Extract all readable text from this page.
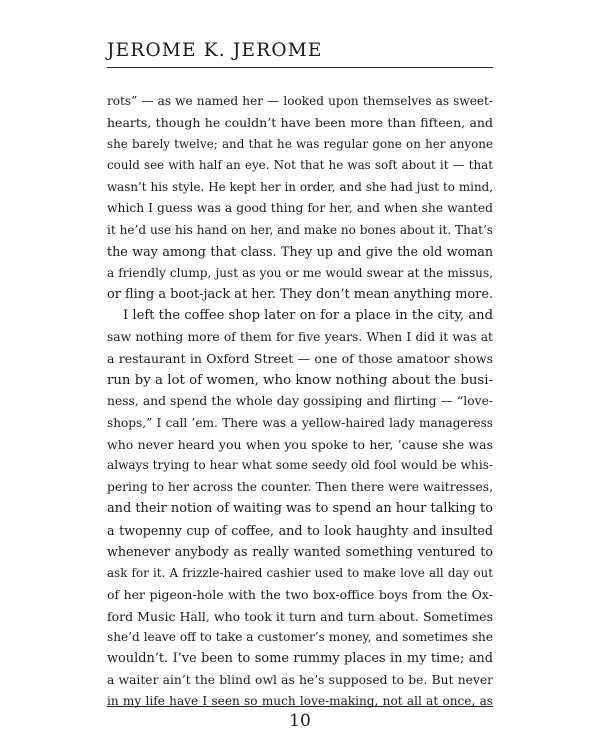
JEROME K. JEROME
rots” — as we named her — looked upon themselves as sweet-
hearts, though he couldn’t have been more than fifteen, and
she barely twelve; and that he was regular gone on her anyone
could see with half an eye. Not that he was soft about it — that
wasn’t his style. He kept her in order, and she had just to mind,
which I guess was a good thing for her, and when she wanted
it he’d use his hand on her, and make no bones about it. That’s
the way among that class. They up and give the old woman
a friendly clump, just as you or me would swear at the missus,
or fling a boot-jack at her. They don’t mean anything more.
I left the coffee shop later on for a place in the city, and
saw nothing more of them for five years. When I did it was at
a restaurant in Oxford Street — one of those amatoor shows
run by a lot of women, who know nothing about the busi-
ness, and spend the whole day gossiping and flirting — “love-
shops,” I call ’em. There was a yellow-haired lady manageress
who never heard you when you spoke to her, ’cause she was
always trying to hear what some seedy old fool would be whis-
pering to her across the counter. Then there were waitresses,
and their notion of waiting was to spend an hour talking to
a twopenny cup of coffee, and to look haughty and insulted
whenever anybody as really wanted something ventured to
ask for it. A frizzle-haired cashier used to make love all day out
of her pigeon-hole with the two box-office boys from the Ox-
ford Music Hall, who took it turn and turn about. Sometimes
she’d leave off to take a customer’s money, and sometimes she
wouldn’t. I’ve been to some rummy places in my time; and
a waiter ain’t the blind owl as he’s supposed to be. But never
in my life have I seen so much love-making, not all at once, as
10
